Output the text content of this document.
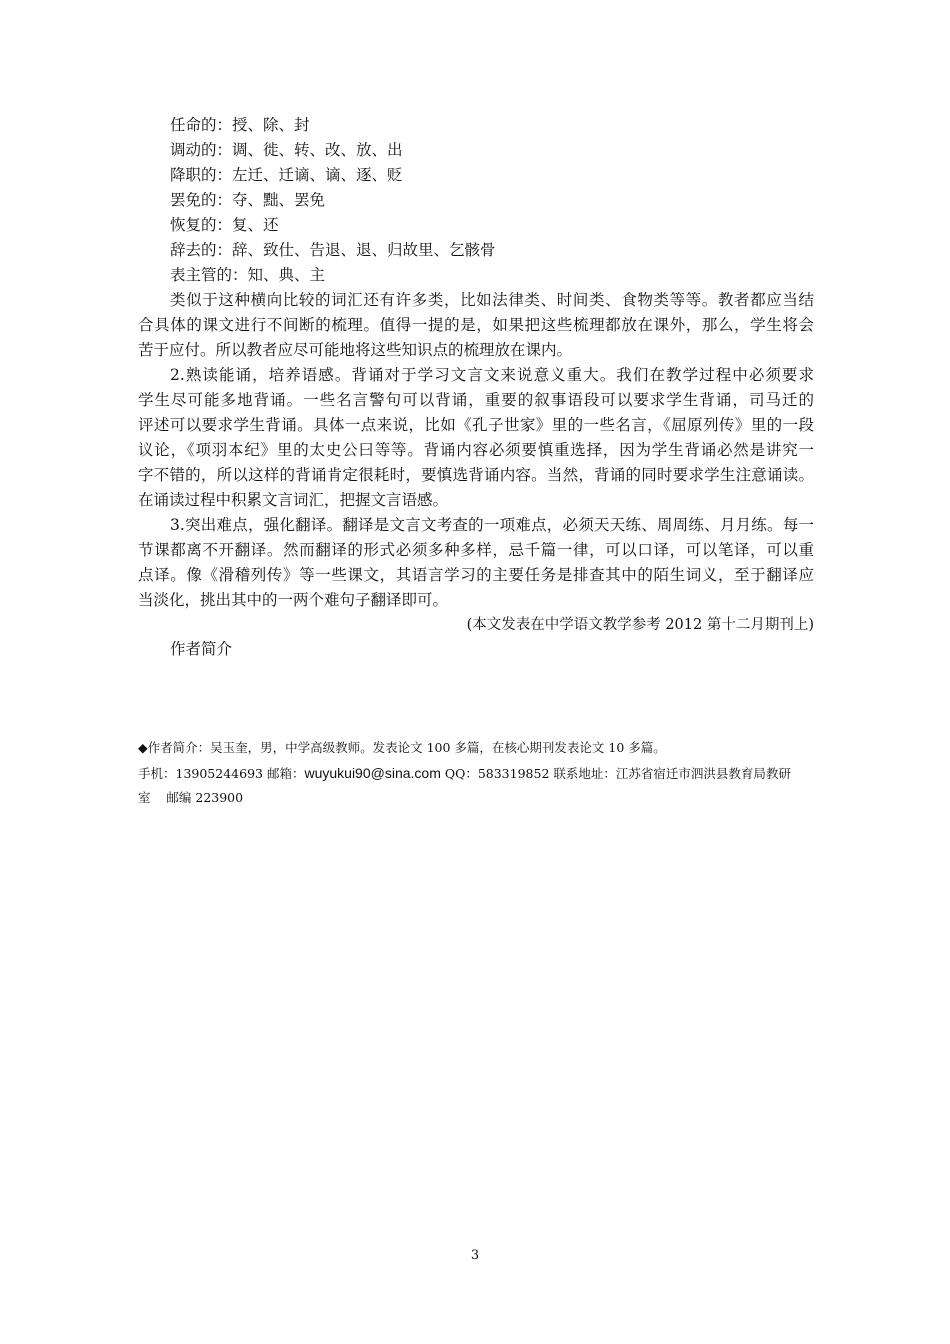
任命的：授、除、封
调动的：调、徙、转、改、放、出
降职的：左迁、迁谪、谪、逐、贬
罢免的：夺、黜、罢免
恢复的：复、还
辞去的：辞、致仕、告退、退、归故里、乞骸骨
表主管的：知、典、主
类似于这种横向比较的词汇还有许多类，比如法律类、时间类、食物类等等。教者都应当结
合具体的课文进行不间断的梳理。值得一提的是，如果把这些梳理都放在课外，那么，学生将会
苦于应付。所以教者应尽可能地将这些知识点的梳理放在课内。
2.熟读能诵，培养语感。背诵对于学习文言文来说意义重大。我们在教学过程中必须要求
学生尽可能多地背诵。一些名言警句可以背诵，重要的叙事语段可以要求学生背诵，司马迁的
评述可以要求学生背诵。具体一点来说，比如《孔子世家》里的一些名言，《屈原列传》里的一段
议论，《项羽本纪》里的太史公曰等等。背诵内容必须要慎重选择，因为学生背诵必然是讲究一
字不错的，所以这样的背诵肯定很耗时，要慎选背诵内容。当然，背诵的同时要求学生注意诵读。
在诵读过程中积累文言词汇，把握文言语感。
3.突出难点，强化翻译。翻译是文言文考查的一项难点，必须天天练、周周练、月月练。每一
节课都离不开翻译。然而翻译的形式必须多种多样，忌千篇一律，可以口译，可以笔译，可以重
点译。像《滑稽列传》等一些课文，其语言学习的主要任务是排查其中的陌生词义，至于翻译应
当淡化，挑出其中的一两个难句子翻译即可。
(本文发表在中学语文教学参考 2012 第十二月期刊上)
作者简介
◆作者简介：吴玉奎，男，中学高级教师。发表论文 100 多篇，在核心期刊发表论文 10 多篇。
手机：13905244693 邮箱：wuyukui90@sina.com QQ：583319852 联系地址：江苏省宿迁市泗洪县教育局教研
室    邮编 223900
3
